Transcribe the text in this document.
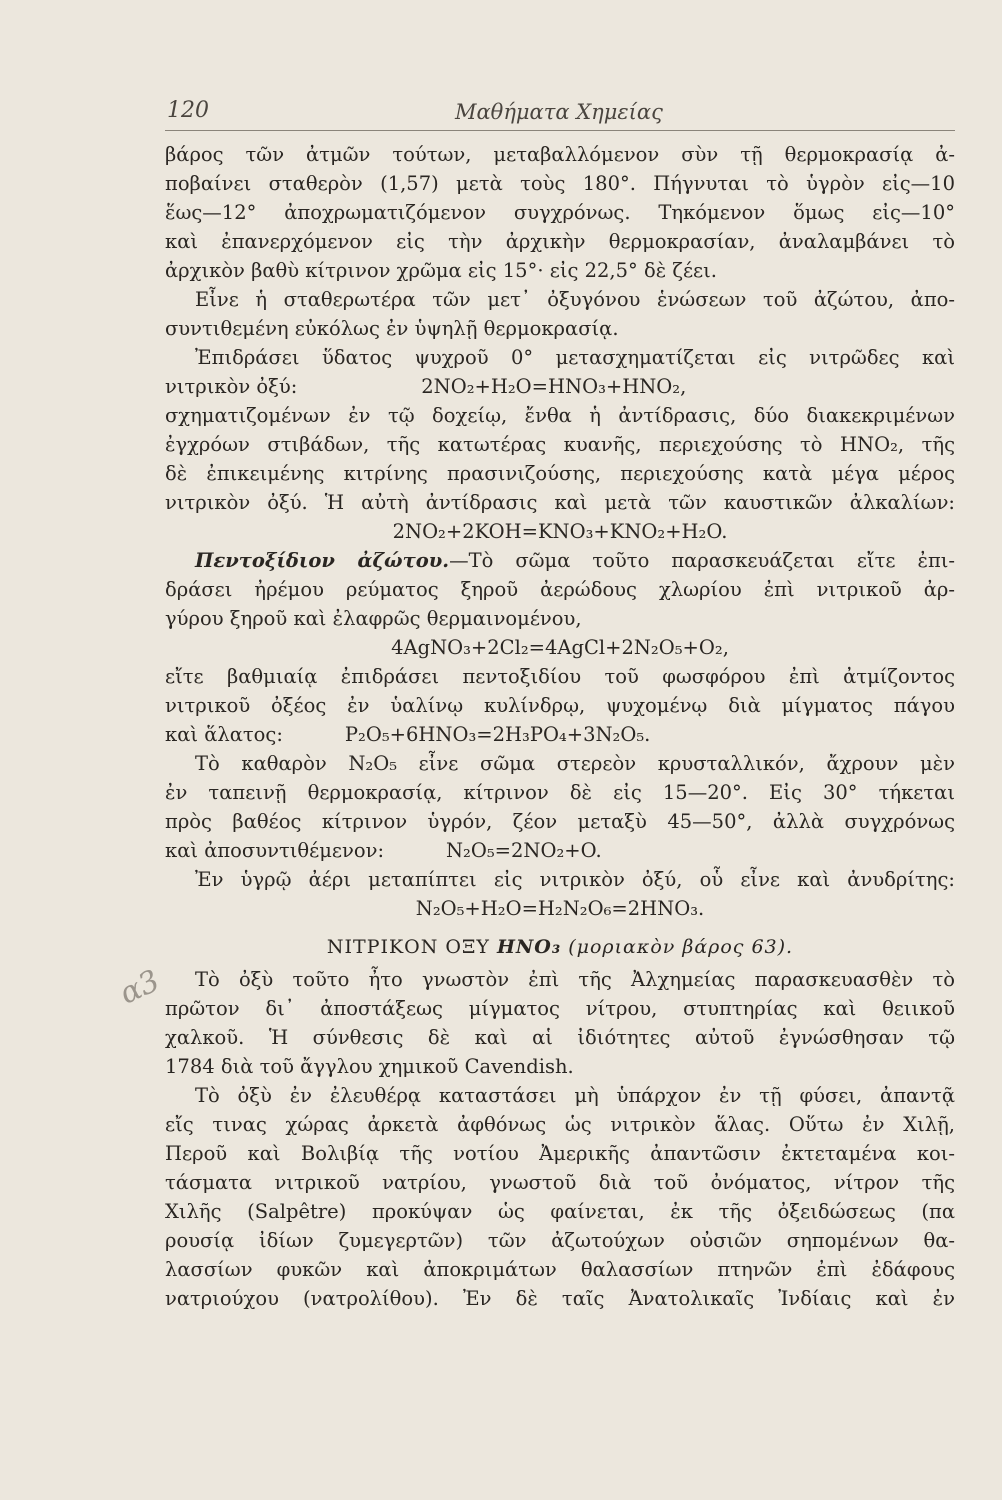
120	Μαθήματα Χημείας
α3
βάρος τῶν ἀτμῶν τούτων, μεταβαλλόμενον σὺν τῇ θερμοκρασίᾳ ἀ-
ποβαίνει σταθερὸν (1,57) μετὰ τοὺς 180°. Πήγνυται τὸ ὑγρὸν εἰς—10
ἕως—12° ἀποχρωματιζόμενον συγχρόνως. Τηκόμενον ὅμως εἰς—10°
καὶ ἐπανερχόμενον εἰς τὴν ἀρχικὴν θερμοκρασίαν, ἀναλαμβάνει τὸ
ἀρχικὸν βαθὺ κίτρινον χρῶμα εἰς 15°· εἰς 22,5° δὲ ζέει.
Εἶνε ἡ σταθερωτέρα τῶν μετ᾽ ὀξυγόνου ἑνώσεων τοῦ ἀζώτου, ἀπο-
συντιθεμένη εὐκόλως ἐν ὑψηλῇ θερμοκρασίᾳ.
Ἐπιδράσει ὕδατος ψυχροῦ 0° μετασχηματίζεται εἰς νιτρῶδες καὶ
νιτρικὸν ὀξύ:                    2NO₂+H₂O=HNO₃+HNO₂,
σχηματιζομένων ἐν τῷ δοχείῳ, ἔνθα ἡ ἀντίδρασις, δύο διακεκριμένων
ἐγχρόων στιβάδων, τῆς κατωτέρας κυανῆς, περιεχούσης τὸ HNO₂, τῆς
δὲ ἐπικειμένης κιτρίνης πρασινιζούσης, περιεχούσης κατὰ μέγα μέρος
νιτρικὸν ὀξύ. Ἡ αὐτὴ ἀντίδρασις καὶ μετὰ τῶν καυστικῶν ἀλκαλίων:
2NO₂+2KOH=KNO₃+KNO₂+H₂O.
Πεντοξίδιον ἀζώτου.—Τὸ σῶμα τοῦτο παρασκευάζεται εἴτε ἐπι-
δράσει ἠρέμου ρεύματος ξηροῦ ἀερώδους χλωρίου ἐπὶ νιτρικοῦ ἀρ-
γύρου ξηροῦ καὶ ἐλαφρῶς θερμαινομένου,
4AgNO₃+2Cl₂=4AgCl+2N₂O₅+O₂,
εἴτε βαθμιαίᾳ ἐπιδράσει πεντοξιδίου τοῦ φωσφόρου ἐπὶ ἀτμίζοντος
νιτρικοῦ ὀξέος ἐν ὑαλίνῳ κυλίνδρῳ, ψυχομένῳ διὰ μίγματος πάγου
καὶ ἅλατος:          P₂O₅+6HNO₃=2H₃PO₄+3N₂O₅.
Τὸ καθαρὸν N₂O₅ εἶνε σῶμα στερεὸν κρυσταλλικόν, ἄχρουν μὲν
ἐν ταπεινῇ θερμοκρασίᾳ, κίτρινον δὲ εἰς 15—20°. Εἰς 30° τήκεται
πρὸς βαθέος κίτρινον ὑγρόν, ζέον μεταξὺ 45—50°, ἀλλὰ συγχρόνως
καὶ ἀποσυντιθέμενον:          N₂O₅=2NO₂+O.
Ἐν ὑγρῷ ἀέρι μεταπίπτει εἰς νιτρικὸν ὀξύ, οὗ εἶνε καὶ ἀνυδρίτης:
N₂O₅+H₂O=H₂N₂O₆=2HNO₃.
ΝΙΤΡΙΚΟΝ ΟΞΥ HNO₃ (μοριακὸν βάρος 63).
Τὸ ὀξὺ τοῦτο ἦτο γνωστὸν ἐπὶ τῆς Ἀλχημείας παρασκευασθὲν τὸ
πρῶτον δι᾽ ἀποστάξεως μίγματος νίτρου, στυπτηρίας καὶ θειικοῦ
χαλκοῦ. Ἡ σύνθεσις δὲ καὶ αἱ ἰδιότητες αὐτοῦ ἐγνώσθησαν τῷ
1784 διὰ τοῦ ἄγγλου χημικοῦ Cavendish.
Τὸ ὀξὺ ἐν ἐλευθέρᾳ καταστάσει μὴ ὑπάρχον ἐν τῇ φύσει, ἀπαντᾷ
εἴς τινας χώρας ἀρκετὰ ἀφθόνως ὡς νιτρικὸν ἅλας. Οὕτω ἐν Χιλῇ,
Περοῦ καὶ Βολιβίᾳ τῆς νοτίου Ἀμερικῆς ἀπαντῶσιν ἐκτεταμένα κοι-
τάσματα νιτρικοῦ νατρίου, γνωστοῦ διὰ τοῦ ὀνόματος, νίτρον τῆς
Χιλῆς (Salpêtre) προκύψαν ὡς φαίνεται, ἐκ τῆς ὀξειδώσεως (πα
ρουσίᾳ ἰδίων ζυμεγερτῶν) τῶν ἀζωτούχων οὐσιῶν σηπομένων θα-
λασσίων φυκῶν καὶ ἀποκριμάτων θαλασσίων πτηνῶν ἐπὶ ἐδάφους
νατριούχου (νατρολίθου). Ἐν δὲ ταῖς Ἀνατολικαῖς Ἰνδίαις καὶ ἐν
